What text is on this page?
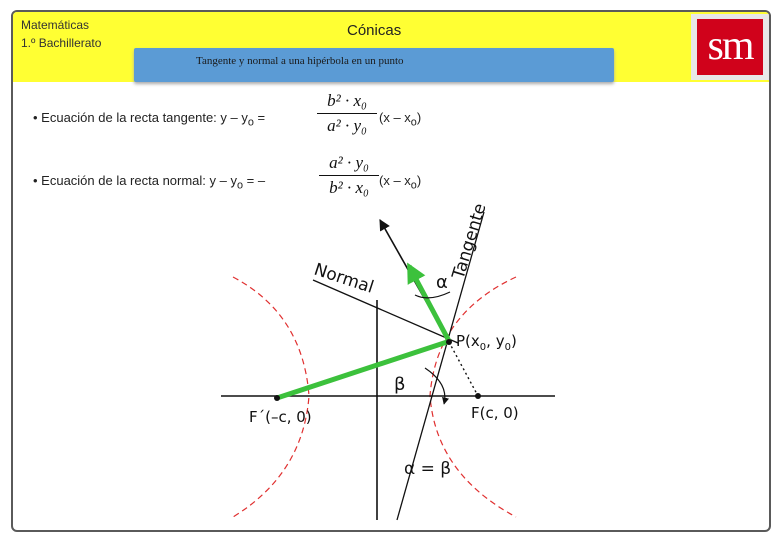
Matemáticas
1.º Bachillerato
Cónicas	sm
Tangente y normal a una hipérbola en un punto
• Ecuación de la recta tangente: y – $y_o$ =
b² · x₀
a² · y₀ $(x - x_o)$
• Ecuación de la recta normal: y – $y_o$ = –
a² · y₀
b² · x₀ $(x - x_o)$
Tangente
Normal	α
β
$P(x_0$, $y_0$)
F´(–c, 0)	F(c, 0)
α = β
